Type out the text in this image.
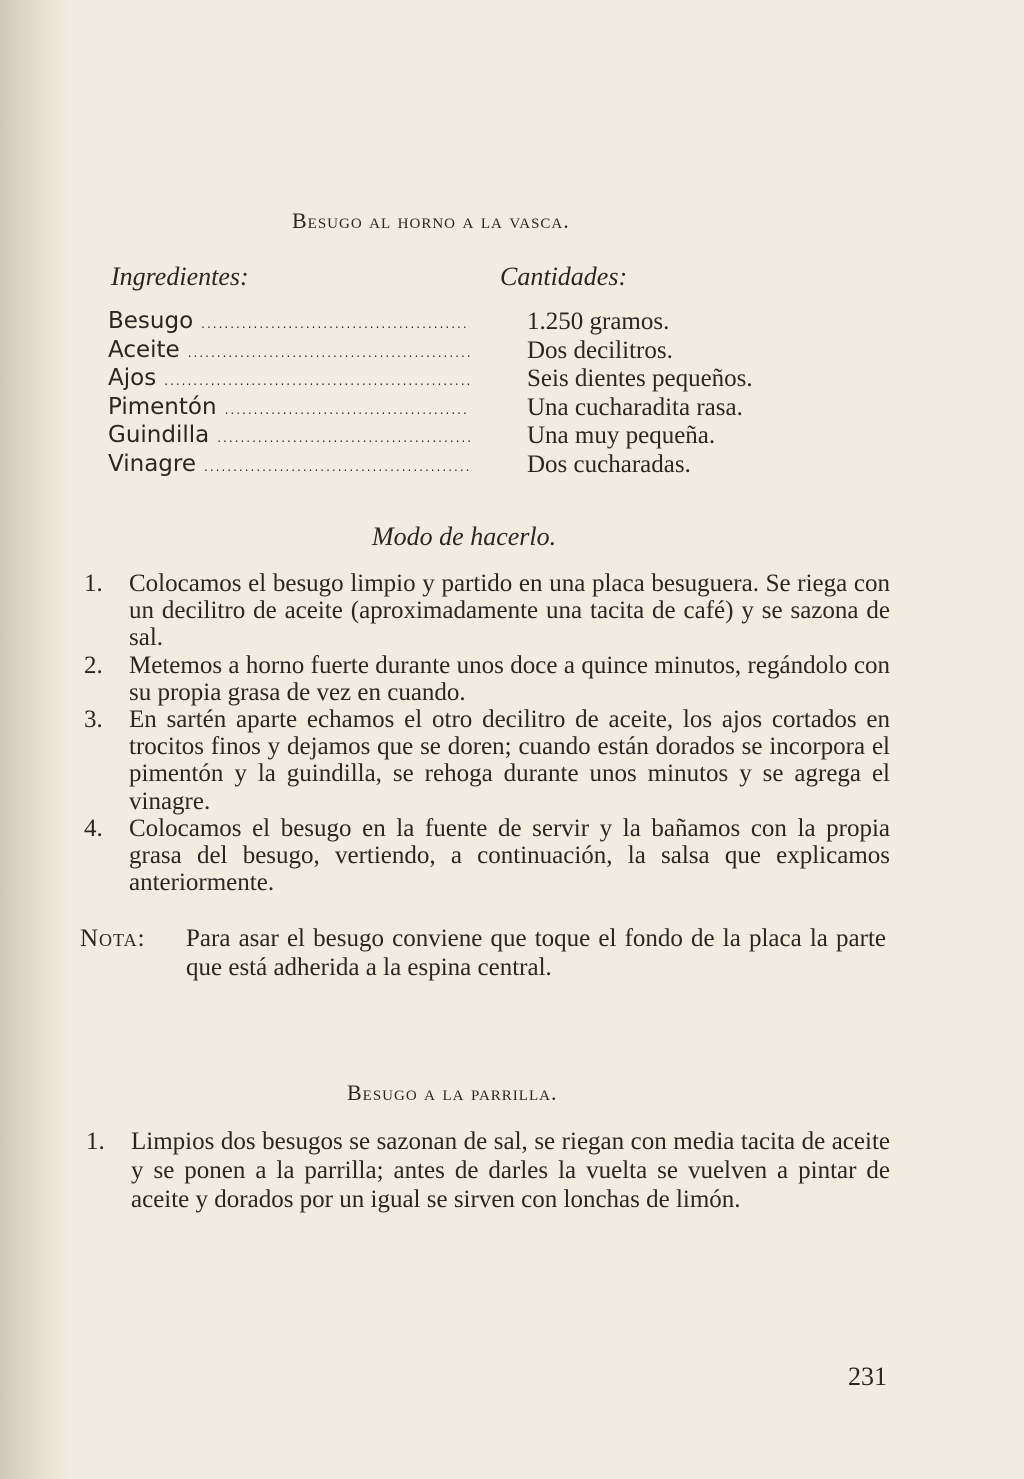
Besugo al horno a la vasca.
Ingredientes:	Cantidades:
Besugo
.....
Aceite
.....
Ajos
.....
Pimentón
.....
Guindilla
.....
Vinagre
.....
1.250 gramos.
Dos decilitros.
Seis dientes pequeños.
Una cucharadita rasa.
Una muy pequeña.
Dos cucharadas.
Modo de hacerlo.
1. Colocamos el besugo limpio y partido en una placa besuguera. Se riega con un decilitro de aceite (aproximadamente una tacita de café) y se sazona de sal.
2. Metemos a horno fuerte durante unos doce a quince minutos, regándolo con su propia grasa de vez en cuando.
3. En sartén aparte echamos el otro decilitro de aceite, los ajos cortados en trocitos finos y dejamos que se doren; cuando están dorados se incorpora el pimentón y la guindilla, se rehoga durante unos minutos y se agrega el vinagre.
4. Colocamos el besugo en la fuente de servir y la bañamos con la propia grasa del besugo, vertiendo, a continuación, la salsa que explicamos anteriormente.
Nota: Para asar el besugo conviene que toque el fondo de la placa la parte que está adherida a la espina central.
Besugo a la parrilla.
1. Limpios dos besugos se sazonan de sal, se riegan con media tacita de aceite y se ponen a la parrilla; antes de darles la vuelta se vuelven a pintar de aceite y dorados por un igual se sirven con lonchas de limón.
231
